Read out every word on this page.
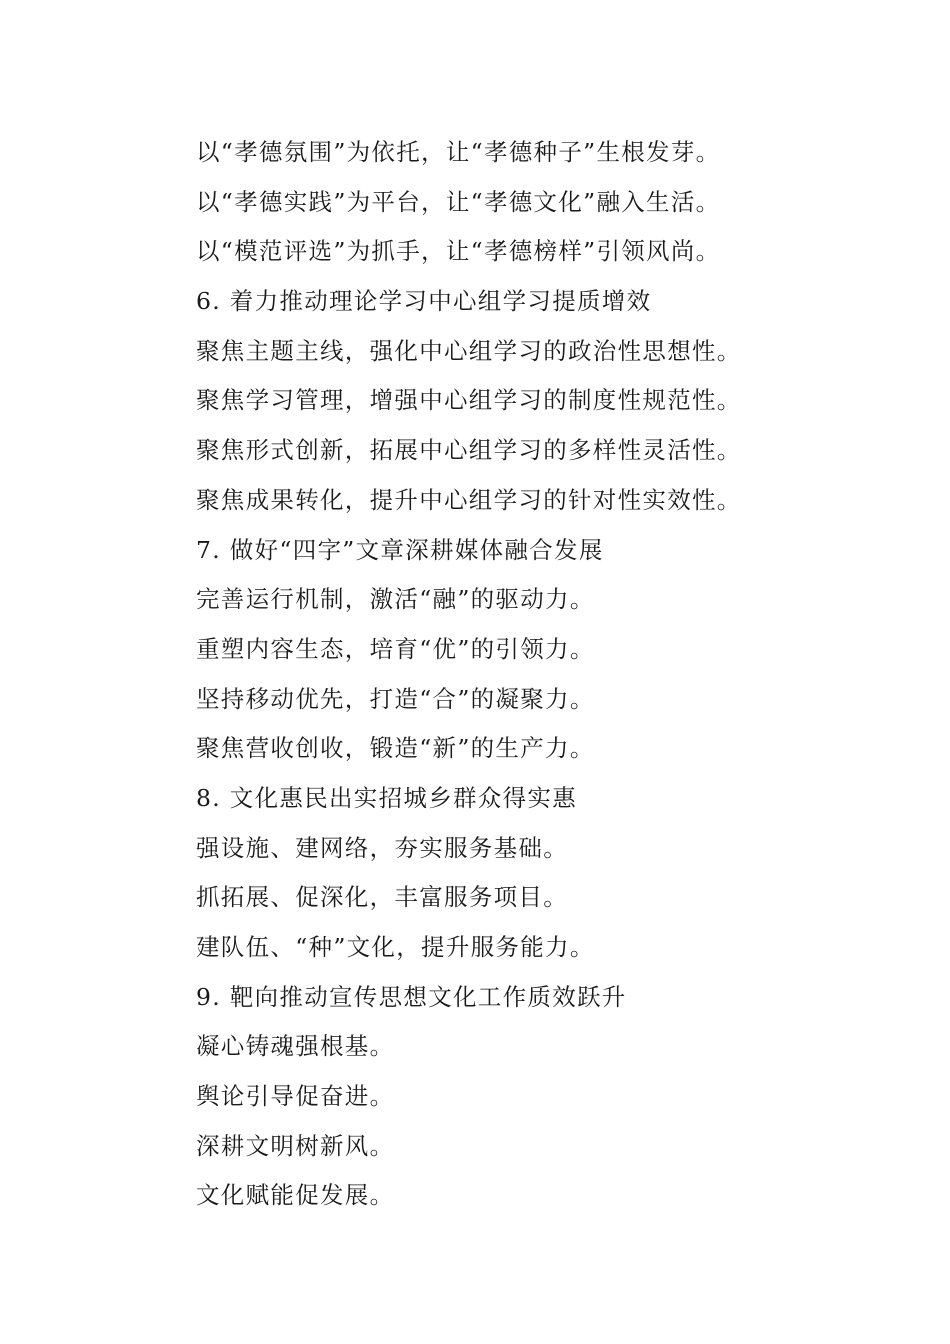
以“孝德氛围”为依托，让“孝德种子”生根发芽。
以“孝德实践”为平台，让“孝德文化”融入生活。
以“模范评选”为抓手，让“孝德榜样”引领风尚。
6. 着力推动理论学习中心组学习提质增效
聚焦主题主线，强化中心组学习的政治性思想性。
聚焦学习管理，增强中心组学习的制度性规范性。
聚焦形式创新，拓展中心组学习的多样性灵活性。
聚焦成果转化，提升中心组学习的针对性实效性。
7. 做好“四字”文章深耕媒体融合发展
完善运行机制，激活“融”的驱动力。
重塑内容生态，培育“优”的引领力。
坚持移动优先，打造“合”的凝聚力。
聚焦营收创收，锻造“新”的生产力。
8. 文化惠民出实招城乡群众得实惠
强设施、建网络，夯实服务基础。
抓拓展、促深化，丰富服务项目。
建队伍、“种”文化，提升服务能力。
9. 靶向推动宣传思想文化工作质效跃升
凝心铸魂强根基。
舆论引导促奋进。
深耕文明树新风。
文化赋能促发展。
